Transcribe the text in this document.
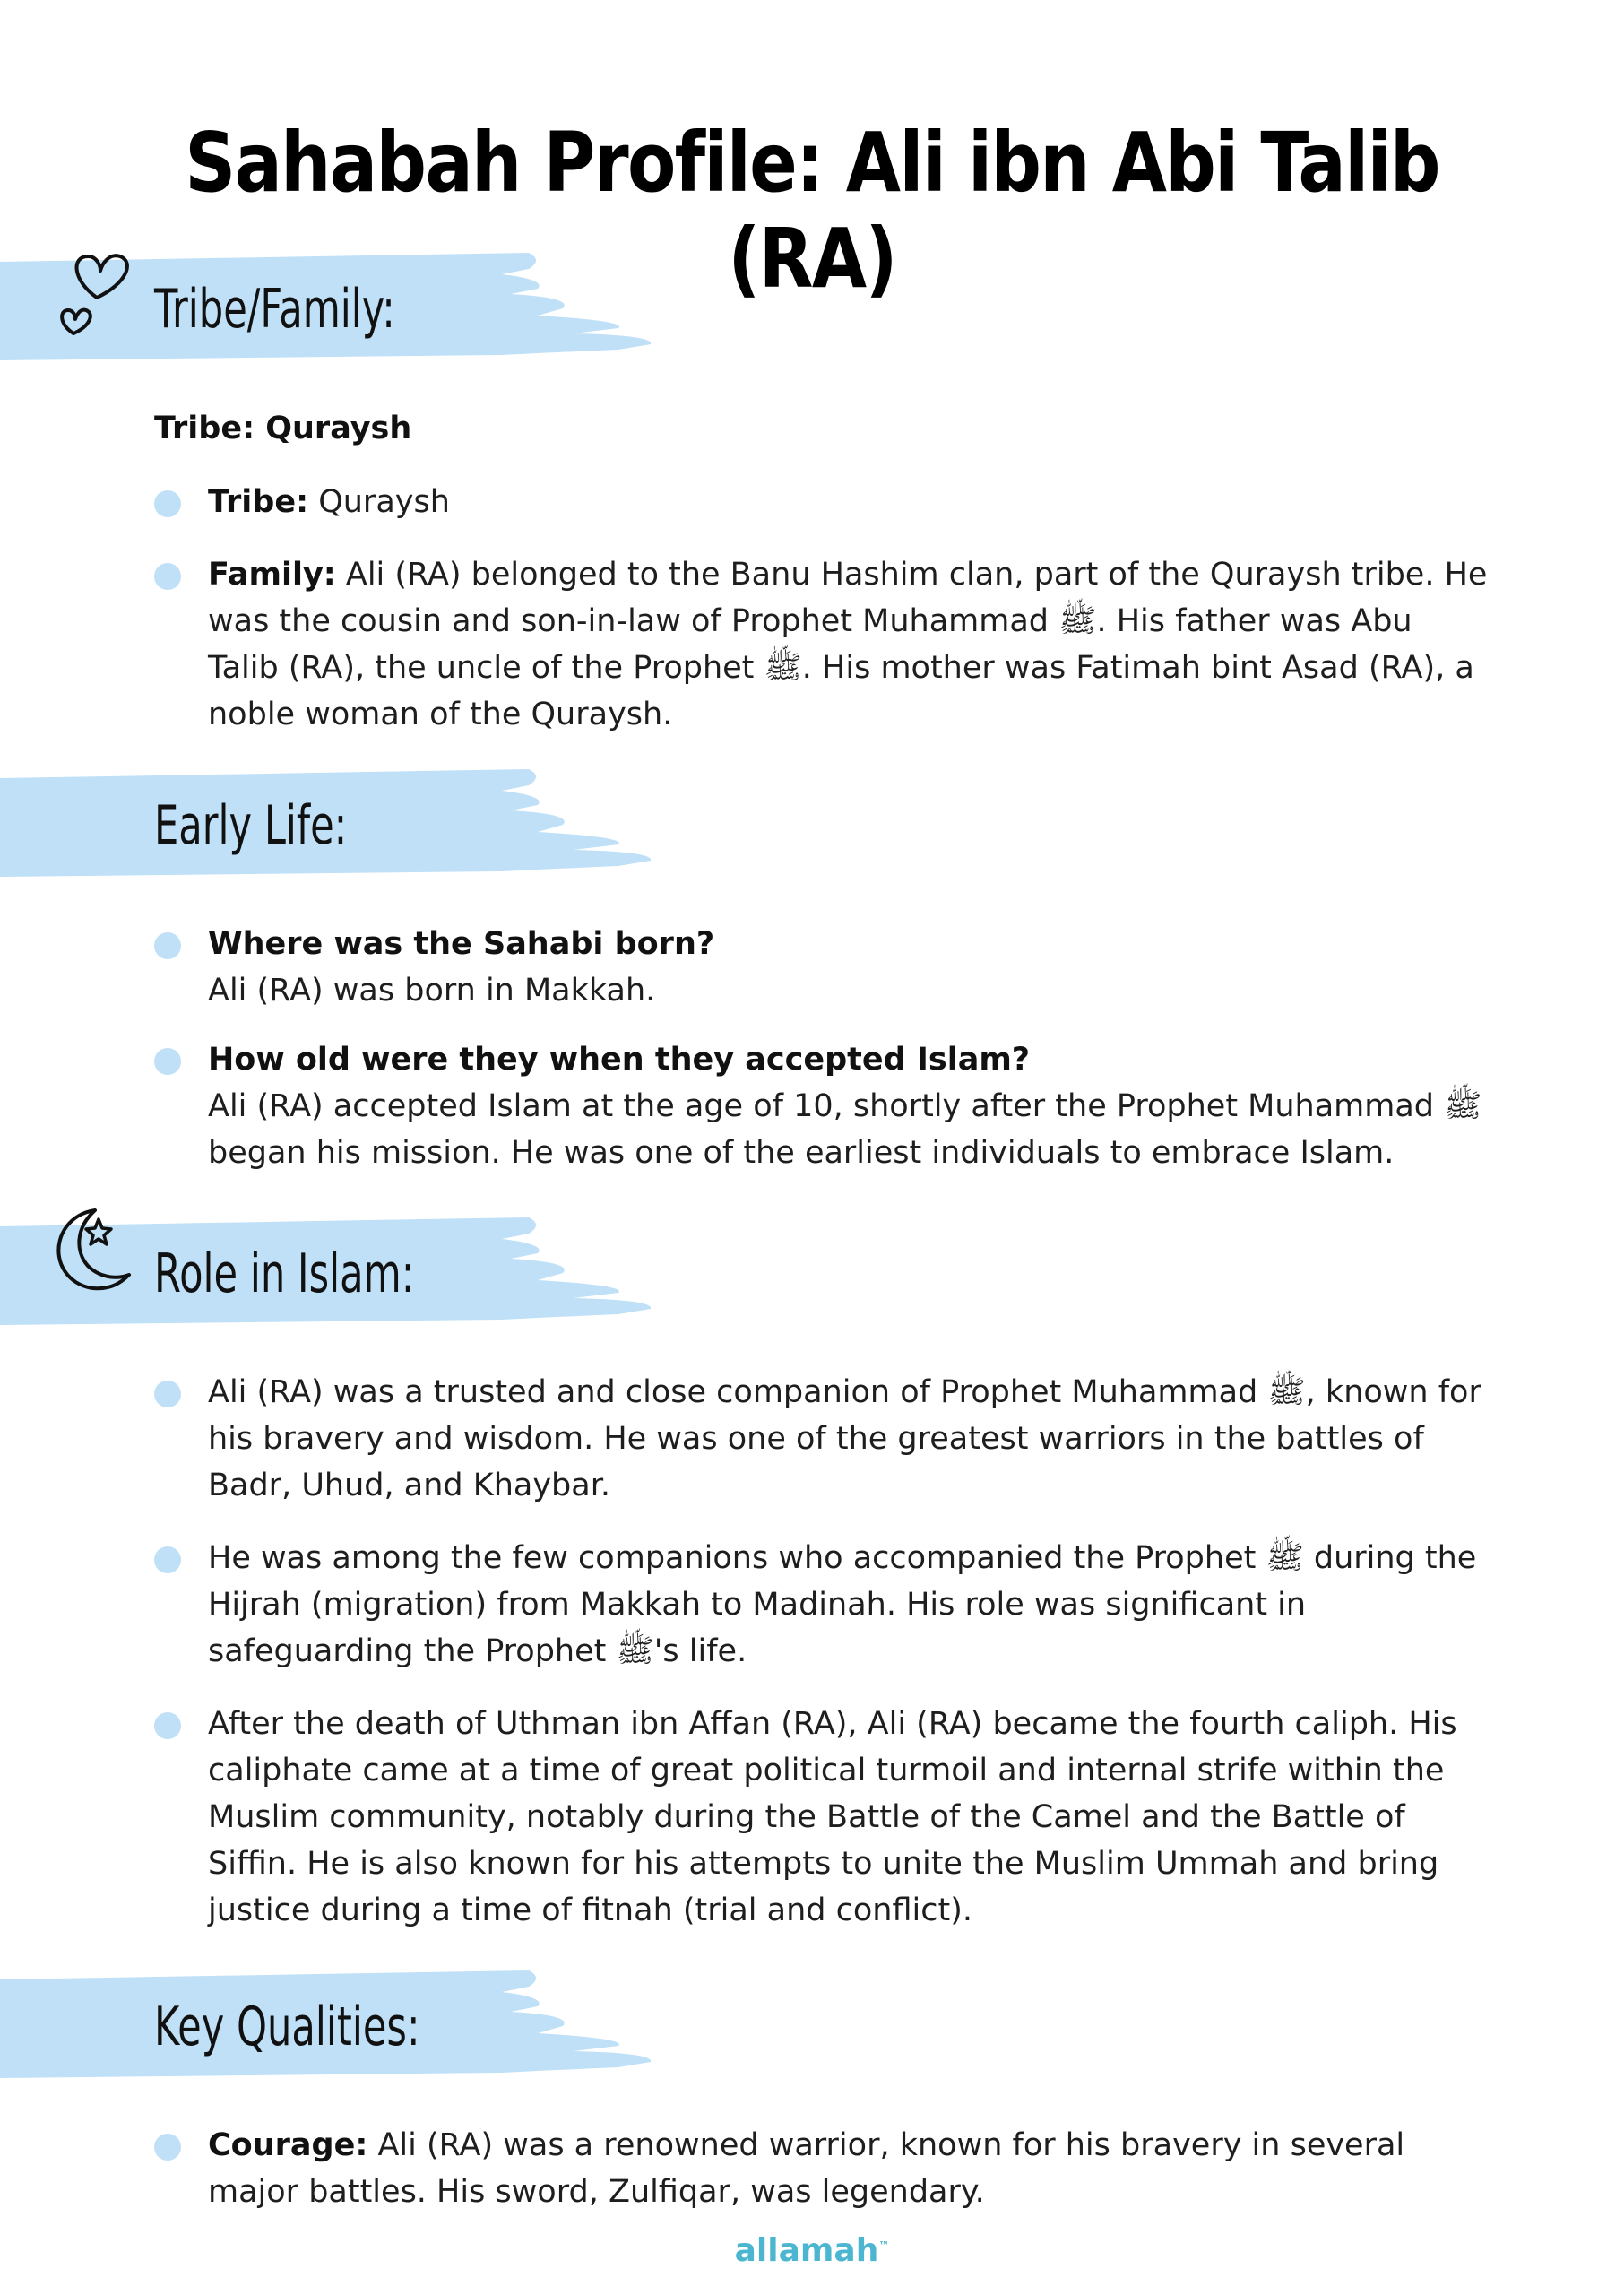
Sahabah Profile: Ali ibn Abi Talib (RA)
Tribe/Family:
Tribe: Quraysh
Tribe: Quraysh
Family: Ali (RA) belonged to the Banu Hashim clan, part of the Quraysh tribe. He was the cousin and son-in-law of Prophet Muhammad ﷺ. His father was Abu Talib (RA), the uncle of the Prophet ﷺ. His mother was Fatimah bint Asad (RA), a noble woman of the Quraysh.
Early Life:
Where was the Sahabi born?
Ali (RA) was born in Makkah.
How old were they when they accepted Islam?
Ali (RA) accepted Islam at the age of 10, shortly after the Prophet Muhammad ﷺ began his mission. He was one of the earliest individuals to embrace Islam.
Role in Islam:
Ali (RA) was a trusted and close companion of Prophet Muhammad ﷺ, known for his bravery and wisdom. He was one of the greatest warriors in the battles of Badr, Uhud, and Khaybar.
He was among the few companions who accompanied the Prophet ﷺ during the Hijrah (migration) from Makkah to Madinah. His role was significant in safeguarding the Prophet ﷺ's life.
After the death of Uthman ibn Affan (RA), Ali (RA) became the fourth caliph. His caliphate came at a time of great political turmoil and internal strife within the Muslim community, notably during the Battle of the Camel and the Battle of Siffin. He is also known for his attempts to unite the Muslim Ummah and bring justice during a time of fitnah (trial and conflict).
Key Qualities:
Courage: Ali (RA) was a renowned warrior, known for his bravery in several major battles. His sword, Zulfiqar, was legendary.
allamah™
